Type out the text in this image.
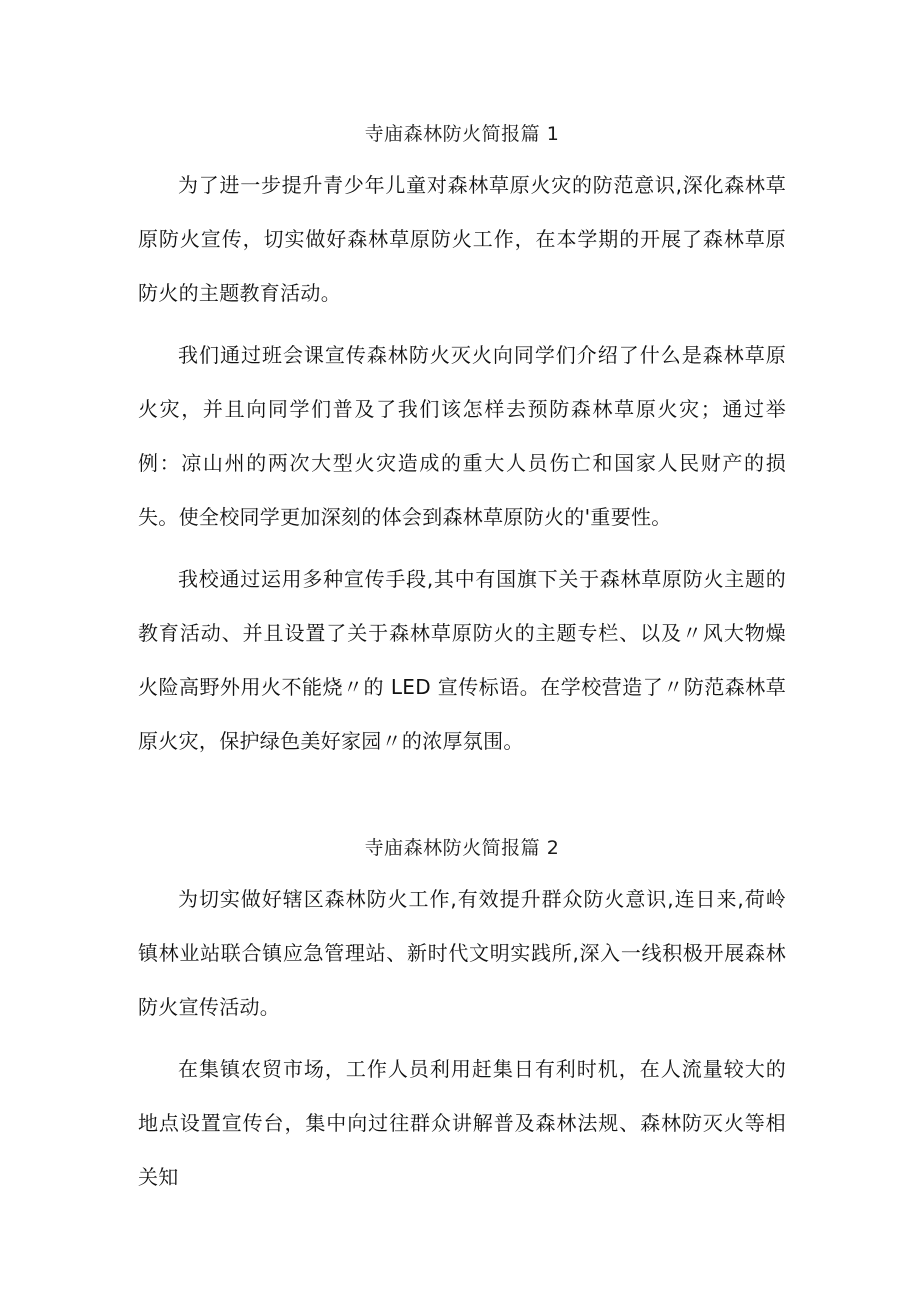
寺庙森林防火简报篇 1

为了进一步提升青少年儿童对森林草原火灾的防范意识,深化森林草原防火宣传，切实做好森林草原防火工作，在本学期的开展了森林草原防火的主题教育活动。

我们通过班会课宣传森林防火灭火向同学们介绍了什么是森林草原火灾，并且向同学们普及了我们该怎样去预防森林草原火灾；通过举例：凉山州的两次大型火灾造成的重大人员伤亡和国家人民财产的损失。使全校同学更加深刻的体会到森林草原防火的'重要性。

我校通过运用多种宣传手段,其中有国旗下关于森林草原防火主题的教育活动、并且设置了关于森林草原防火的主题专栏、以及〃风大物燥火险高野外用火不能烧〃的 LED 宣传标语。在学校营造了〃防范森林草原火灾，保护绿色美好家园〃的浓厚氛围。

寺庙森林防火简报篇 2

为切实做好辖区森林防火工作,有效提升群众防火意识,连日来,荷岭镇林业站联合镇应急管理站、新时代文明实践所,深入一线积极开展森林防火宣传活动。

在集镇农贸市场，工作人员利用赶集日有利时机，在人流量较大的地点设置宣传台，集中向过往群众讲解普及森林法规、森林防灭火等相关知
